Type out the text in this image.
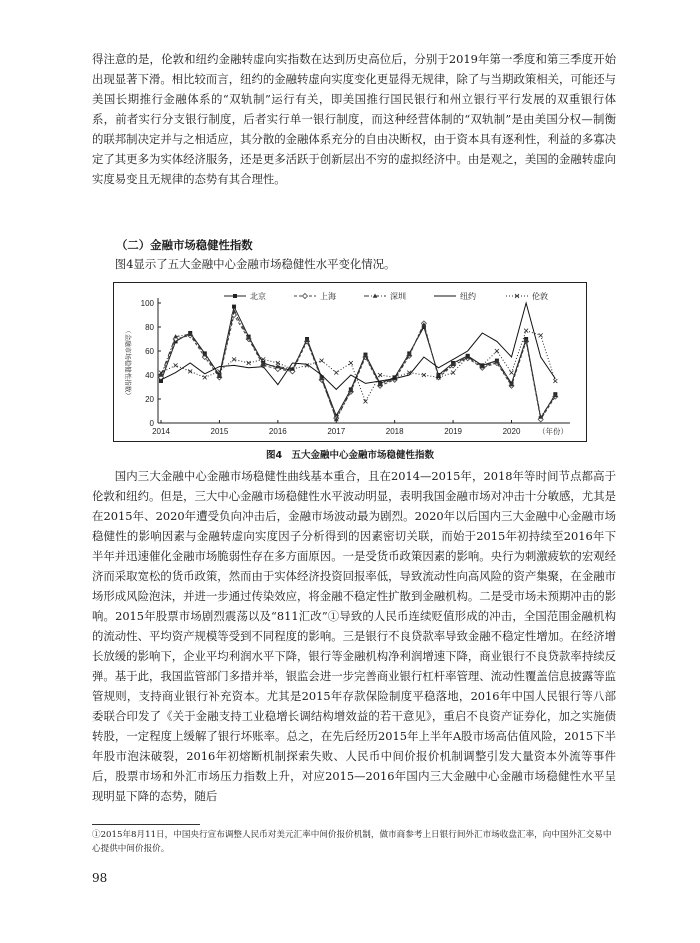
得注意的是，伦敦和纽约金融转虚向实指数在达到历史高位后，分别于2019年第一季度和第三季度开始出现显著下滑。相比较而言，纽约的金融转虚向实度变化更显得无规律，除了与当期政策相关，可能还与美国长期推行金融体系的“双轨制”运行有关，即美国推行国民银行和州立银行平行发展的双重银行体系，前者实行分支银行制度，后者实行单一银行制度，而这种经营体制的“双轨制”是由美国分权—制衡的联邦制决定并与之相适应，其分散的金融体系充分的自由决断权，由于资本具有逐利性，利益的多寡决定了其更多为实体经济服务，还是更多活跃于创新层出不穷的虚拟经济中。由是观之，美国的金融转虚向实度易变且无规律的态势有其合理性。

（二）金融市场稳健性指数

图4显示了五大金融中心金融市场稳健性水平变化情况。

0
20
40
60
80
100
2014	2015	2016	2017	2018	2019	2020 （年份）
（金融市场稳健性指数）
北京	上海	深圳	纽约	伦敦

图4　五大金融中心金融市场稳健性指数

国内三大金融中心金融市场稳健性曲线基本重合，且在2014—2015年，2018年等时间节点都高于伦敦和纽约。但是，三大中心金融市场稳健性水平波动明显，表明我国金融市场对冲击十分敏感，尤其是在2015年、2020年遭受负向冲击后，金融市场波动最为剧烈。2020年以后国内三大金融中心金融市场稳健性的影响因素与金融转虚向实度因子分析得到的因素密切关联，而始于2015年初持续至2016年下半年并迅速催化金融市场脆弱性存在多方面原因。一是受货币政策因素的影响。央行为刺激疲软的宏观经济而采取宽松的货币政策，然而由于实体经济投资回报率低，导致流动性向高风险的资产集聚，在金融市场形成风险泡沫，并进一步通过传染效应，将金融不稳定性扩散到金融机构。二是受市场未预期冲击的影响。2015年股票市场剧烈震荡以及“811汇改”①导致的人民币连续贬值形成的冲击，全国范围金融机构的流动性、平均资产规模等受到不同程度的影响。三是银行不良贷款率导致金融不稳定性增加。在经济增长放缓的影响下，企业平均利润水平下降，银行等金融机构净利润增速下降，商业银行不良贷款率持续反弹。基于此，我国监管部门多措并举，银监会进一步完善商业银行杠杆率管理、流动性覆盖信息披露等监管规则，支持商业银行补充资本。尤其是2015年存款保险制度平稳落地，2016年中国人民银行等八部委联合印发了《关于金融支持工业稳增长调结构增效益的若干意见》，重启不良资产证券化，加之实施债转股，一定程度上缓解了银行坏账率。总之，在先后经历2015年上半年A股市场高估值风险，2015下半年股市泡沫破裂，2016年初熔断机制探索失败、人民币中间价报价机制调整引发大量资本外流等事件后，股票市场和外汇市场压力指数上升，对应2015—2016年国内三大金融中心金融市场稳健性水平呈现明显下降的态势，随后

①2015年8月11日，中国央行宣布调整人民币对美元汇率中间价报价机制，做市商参考上日银行间外汇市场收盘汇率，向中国外汇交易中心提供中间价报价。

98
